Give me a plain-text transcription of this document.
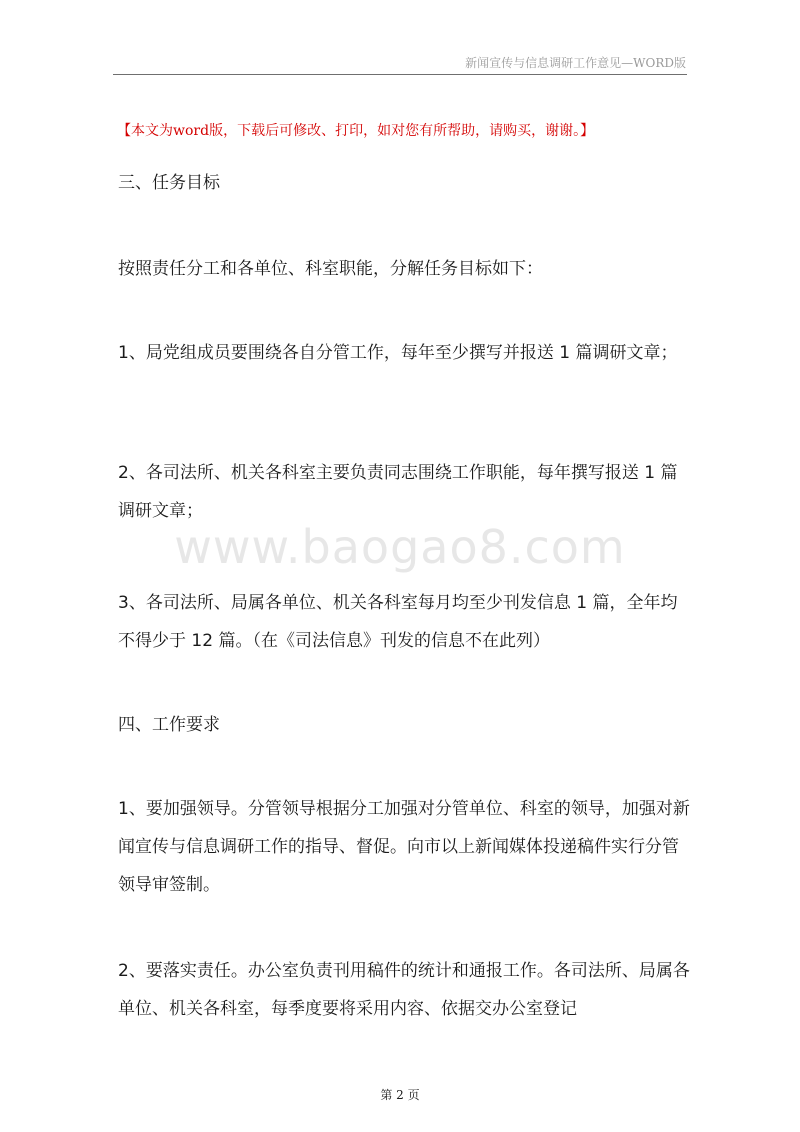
新闻宣传与信息调研工作意见—WORD版
【本文为word版，下载后可修改、打印，如对您有所帮助，请购买，谢谢。】
www.baogao8.com

三、任务目标

按照责任分工和各单位、科室职能，分解任务目标如下：

1、局党组成员要围绕各自分管工作，每年至少撰写并报送 1 篇调研文章；

2、各司法所、机关各科室主要负责同志围绕工作职能，每年撰写报送 1 篇调研文章；

3、各司法所、局属各单位、机关各科室每月均至少刊发信息 1 篇，全年均不得少于 12 篇。（在《司法信息》刊发的信息不在此列）

四、工作要求

1、要加强领导。分管领导根据分工加强对分管单位、科室的领导，加强对新闻宣传与信息调研工作的指导、督促。向市以上新闻媒体投递稿件实行分管领导审签制。

2、要落实责任。办公室负责刊用稿件的统计和通报工作。各司法所、局属各单位、机关各科室，每季度要将采用内容、依据交办公室登记

第 2 页
